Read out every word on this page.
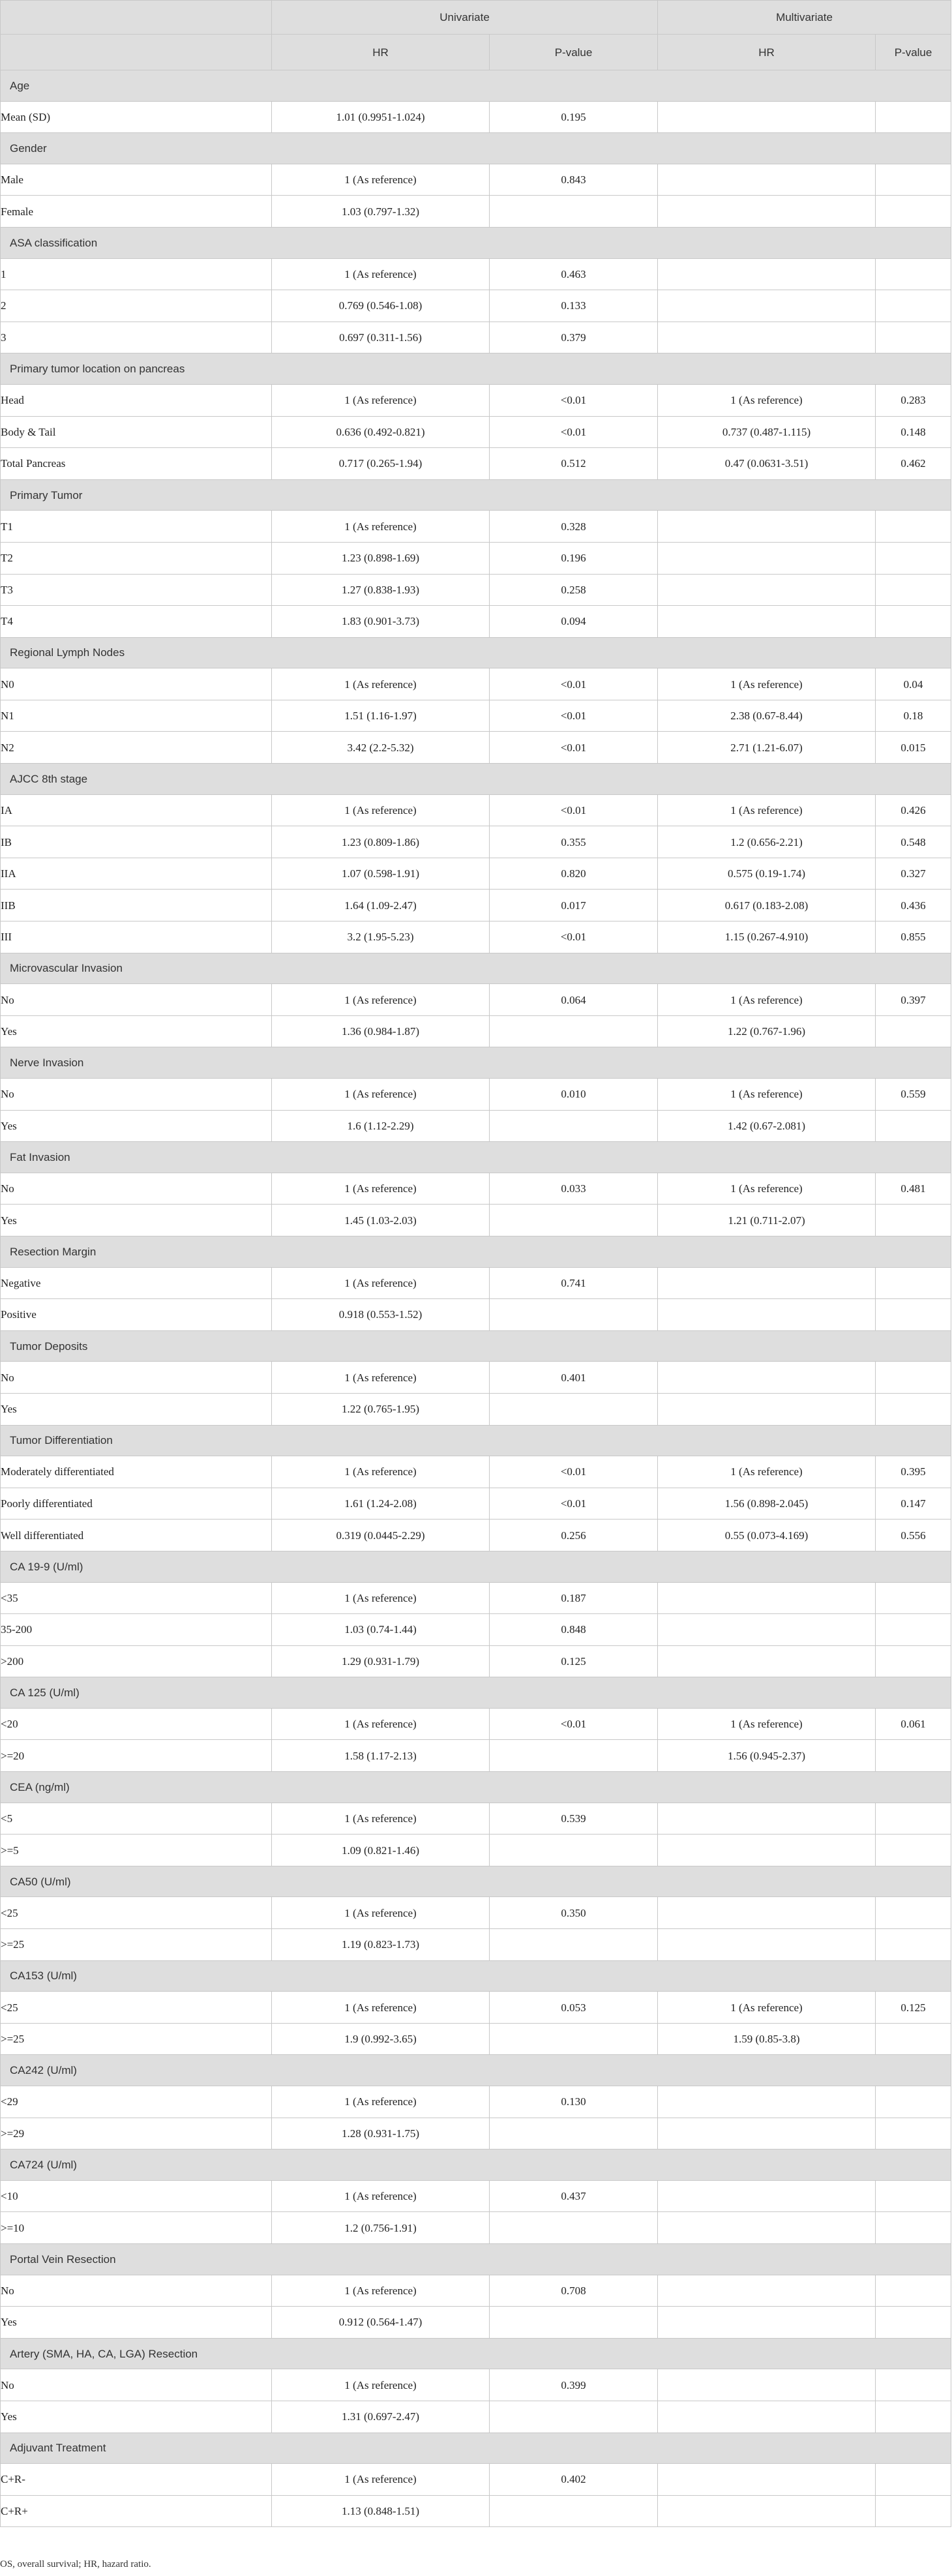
	Univariate		Multivariate	
	HR	P-value	HR	P-value
Age				
Mean (SD)	1.01 (0.9951-1.024)	0.195		
Gender				
Male	1 (As reference)	0.843		
Female	1.03 (0.797-1.32)			
ASA classification				
1	1 (As reference)	0.463		
2	0.769 (0.546-1.08)	0.133		
3	0.697 (0.311-1.56)	0.379		
Primary tumor location on pancreas				
Head	1 (As reference)	<0.01	1 (As reference)	0.283
Body & Tail	0.636 (0.492-0.821)	<0.01	0.737 (0.487-1.115)	0.148
Total Pancreas	0.717 (0.265-1.94)	0.512	0.47 (0.0631-3.51)	0.462
Primary Tumor				
T1	1 (As reference)	0.328		
T2	1.23 (0.898-1.69)	0.196		
T3	1.27 (0.838-1.93)	0.258		
T4	1.83 (0.901-3.73)	0.094		
Regional Lymph Nodes				
N0	1 (As reference)	<0.01	1 (As reference)	0.04
N1	1.51 (1.16-1.97)	<0.01	2.38 (0.67-8.44)	0.18
N2	3.42 (2.2-5.32)	<0.01	2.71 (1.21-6.07)	0.015
AJCC 8th stage				
IA	1 (As reference)	<0.01	1 (As reference)	0.426
IB	1.23 (0.809-1.86)	0.355	1.2 (0.656-2.21)	0.548
IIA	1.07 (0.598-1.91)	0.820	0.575 (0.19-1.74)	0.327
IIB	1.64 (1.09-2.47)	0.017	0.617 (0.183-2.08)	0.436
III	3.2 (1.95-5.23)	<0.01	1.15 (0.267-4.910)	0.855
Microvascular Invasion				
No	1 (As reference)	0.064	1 (As reference)	0.397
Yes	1.36 (0.984-1.87)		1.22 (0.767-1.96)	
Nerve Invasion				
No	1 (As reference)	0.010	1 (As reference)	0.559
Yes	1.6 (1.12-2.29)		1.42 (0.67-2.081)	
Fat Invasion				
No	1 (As reference)	0.033	1 (As reference)	0.481
Yes	1.45 (1.03-2.03)		1.21 (0.711-2.07)	
Resection Margin				
Negative	1 (As reference)	0.741		
Positive	0.918 (0.553-1.52)			
Tumor Deposits				
No	1 (As reference)	0.401		
Yes	1.22 (0.765-1.95)			
Tumor Differentiation				
Moderately differentiated	1 (As reference)	<0.01	1 (As reference)	0.395
Poorly differentiated	1.61 (1.24-2.08)	<0.01	1.56 (0.898-2.045)	0.147
Well differentiated	0.319 (0.0445-2.29)	0.256	0.55 (0.073-4.169)	0.556
CA 19-9 (U/ml)				
<35	1 (As reference)	0.187		
35-200	1.03 (0.74-1.44)	0.848		
>200	1.29 (0.931-1.79)	0.125		
CA 125 (U/ml)				
<20	1 (As reference)	<0.01	1 (As reference)	0.061
>=20	1.58 (1.17-2.13)		1.56 (0.945-2.37)	
CEA (ng/ml)				
<5	1 (As reference)	0.539		
>=5	1.09 (0.821-1.46)			
CA50 (U/ml)				
<25	1 (As reference)	0.350		
>=25	1.19 (0.823-1.73)			
CA153 (U/ml)				
<25	1 (As reference)	0.053	1 (As reference)	0.125
>=25	1.9 (0.992-3.65)		1.59 (0.85-3.8)	
CA242 (U/ml)				
<29	1 (As reference)	0.130		
>=29	1.28 (0.931-1.75)			
CA724 (U/ml)				
<10	1 (As reference)	0.437		
>=10	1.2 (0.756-1.91)			
Portal Vein Resection				
No	1 (As reference)	0.708		
Yes	0.912 (0.564-1.47)			
Artery (SMA, HA, CA, LGA) Resection				
No	1 (As reference)	0.399		
Yes	1.31 (0.697-2.47)			
Adjuvant Treatment				
C+R-	1 (As reference)	0.402		
C+R+	1.13 (0.848-1.51)			
OS, overall survival; HR, hazard ratio.
